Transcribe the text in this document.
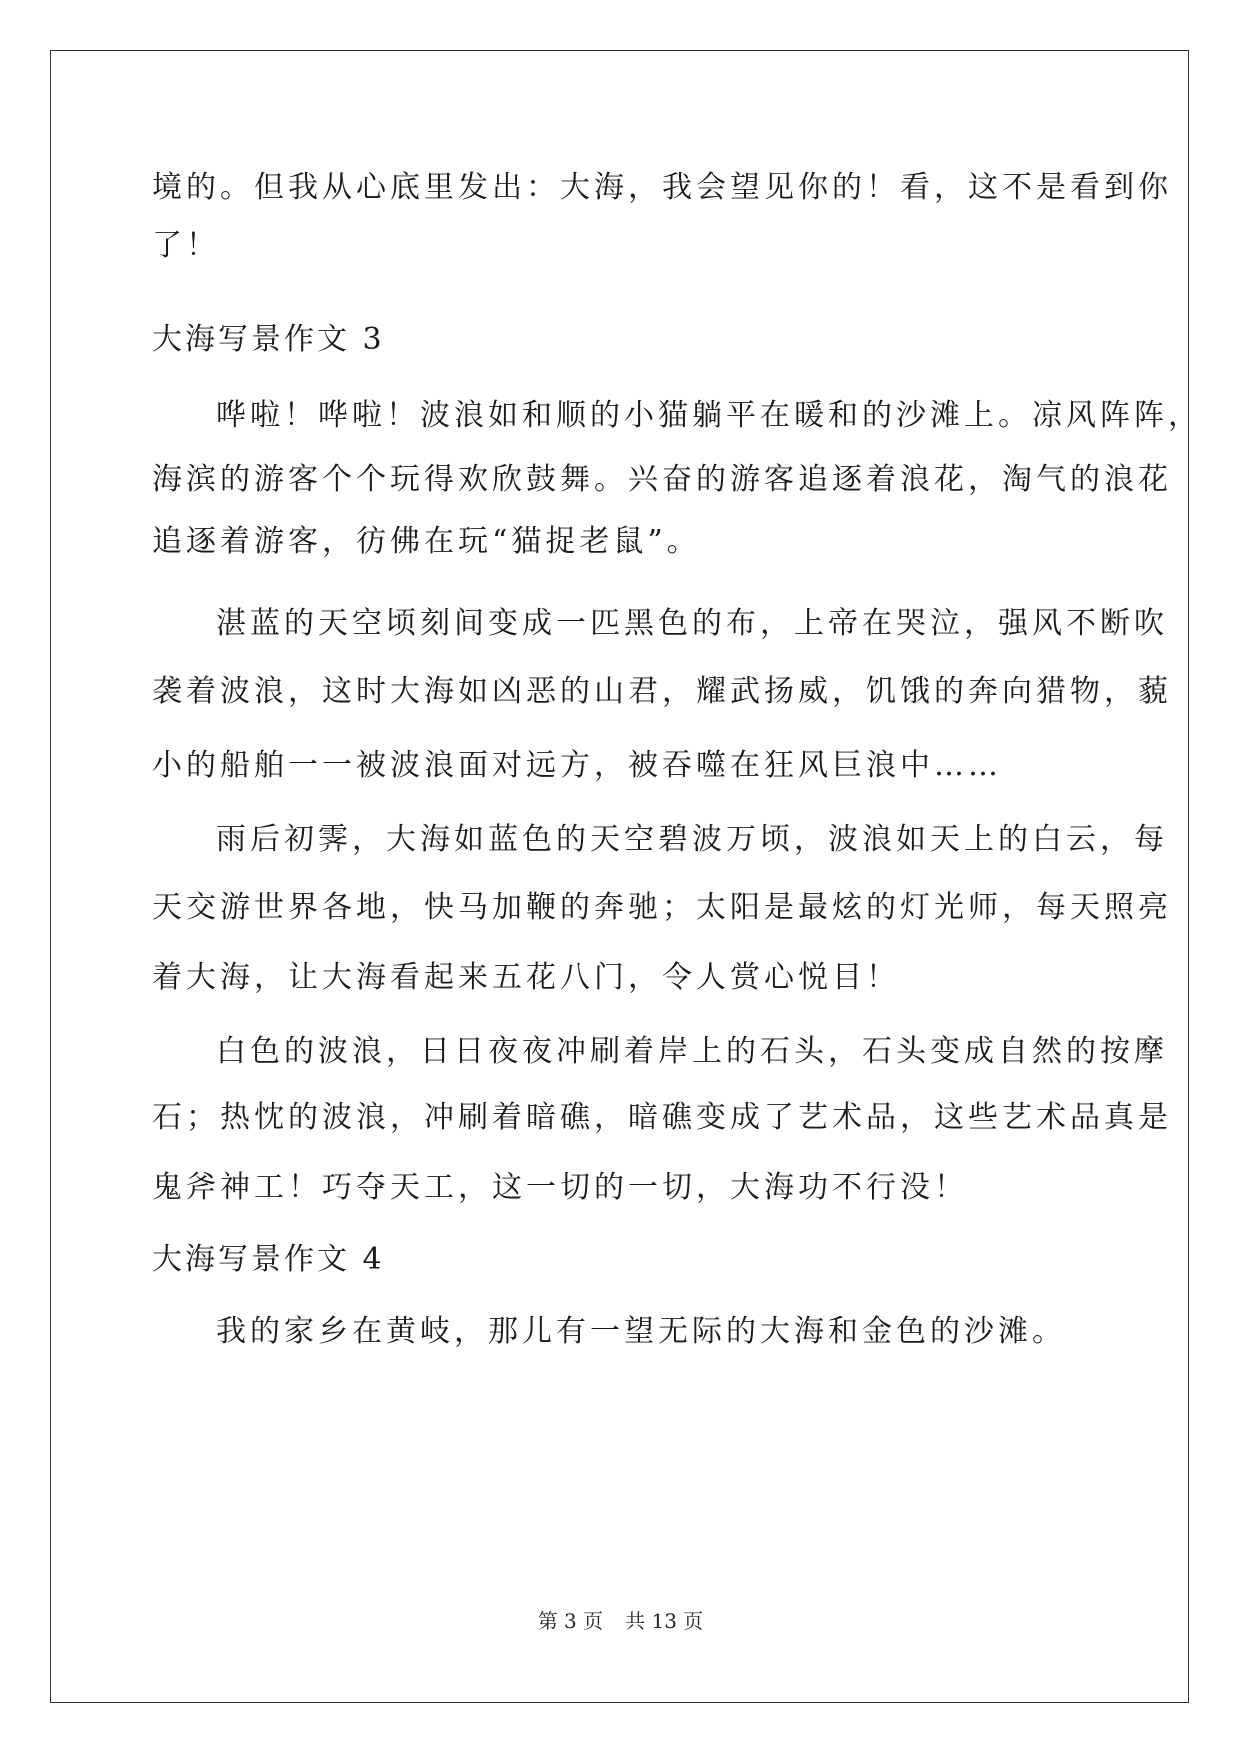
境的。但我从心底里发出：大海，我会望见你的！看，这不是看到你
了！
大海写景作文 3
哗啦！哗啦！波浪如和顺的小猫躺平在暖和的沙滩上。凉风阵阵，
海滨的游客个个玩得欢欣鼓舞。兴奋的游客追逐着浪花，淘气的浪花
追逐着游客，彷佛在玩“猫捉老鼠”。
湛蓝的天空顷刻间变成一匹黑色的布，上帝在哭泣，强风不断吹
袭着波浪，这时大海如凶恶的山君，耀武扬威，饥饿的奔向猎物，藐
小的船舶一一被波浪面对远方，被吞噬在狂风巨浪中……
雨后初霁，大海如蓝色的天空碧波万顷，波浪如天上的白云，每
天交游世界各地，快马加鞭的奔驰；太阳是最炫的灯光师，每天照亮
着大海，让大海看起来五花八门，令人赏心悦目！
白色的波浪，日日夜夜冲刷着岸上的石头，石头变成自然的按摩
石；热忱的波浪，冲刷着暗礁，暗礁变成了艺术品，这些艺术品真是
鬼斧神工！巧夺天工，这一切的一切，大海功不行没！
大海写景作文 4
我的家乡在黄岐，那儿有一望无际的大海和金色的沙滩。
第 3 页 共 13 页
